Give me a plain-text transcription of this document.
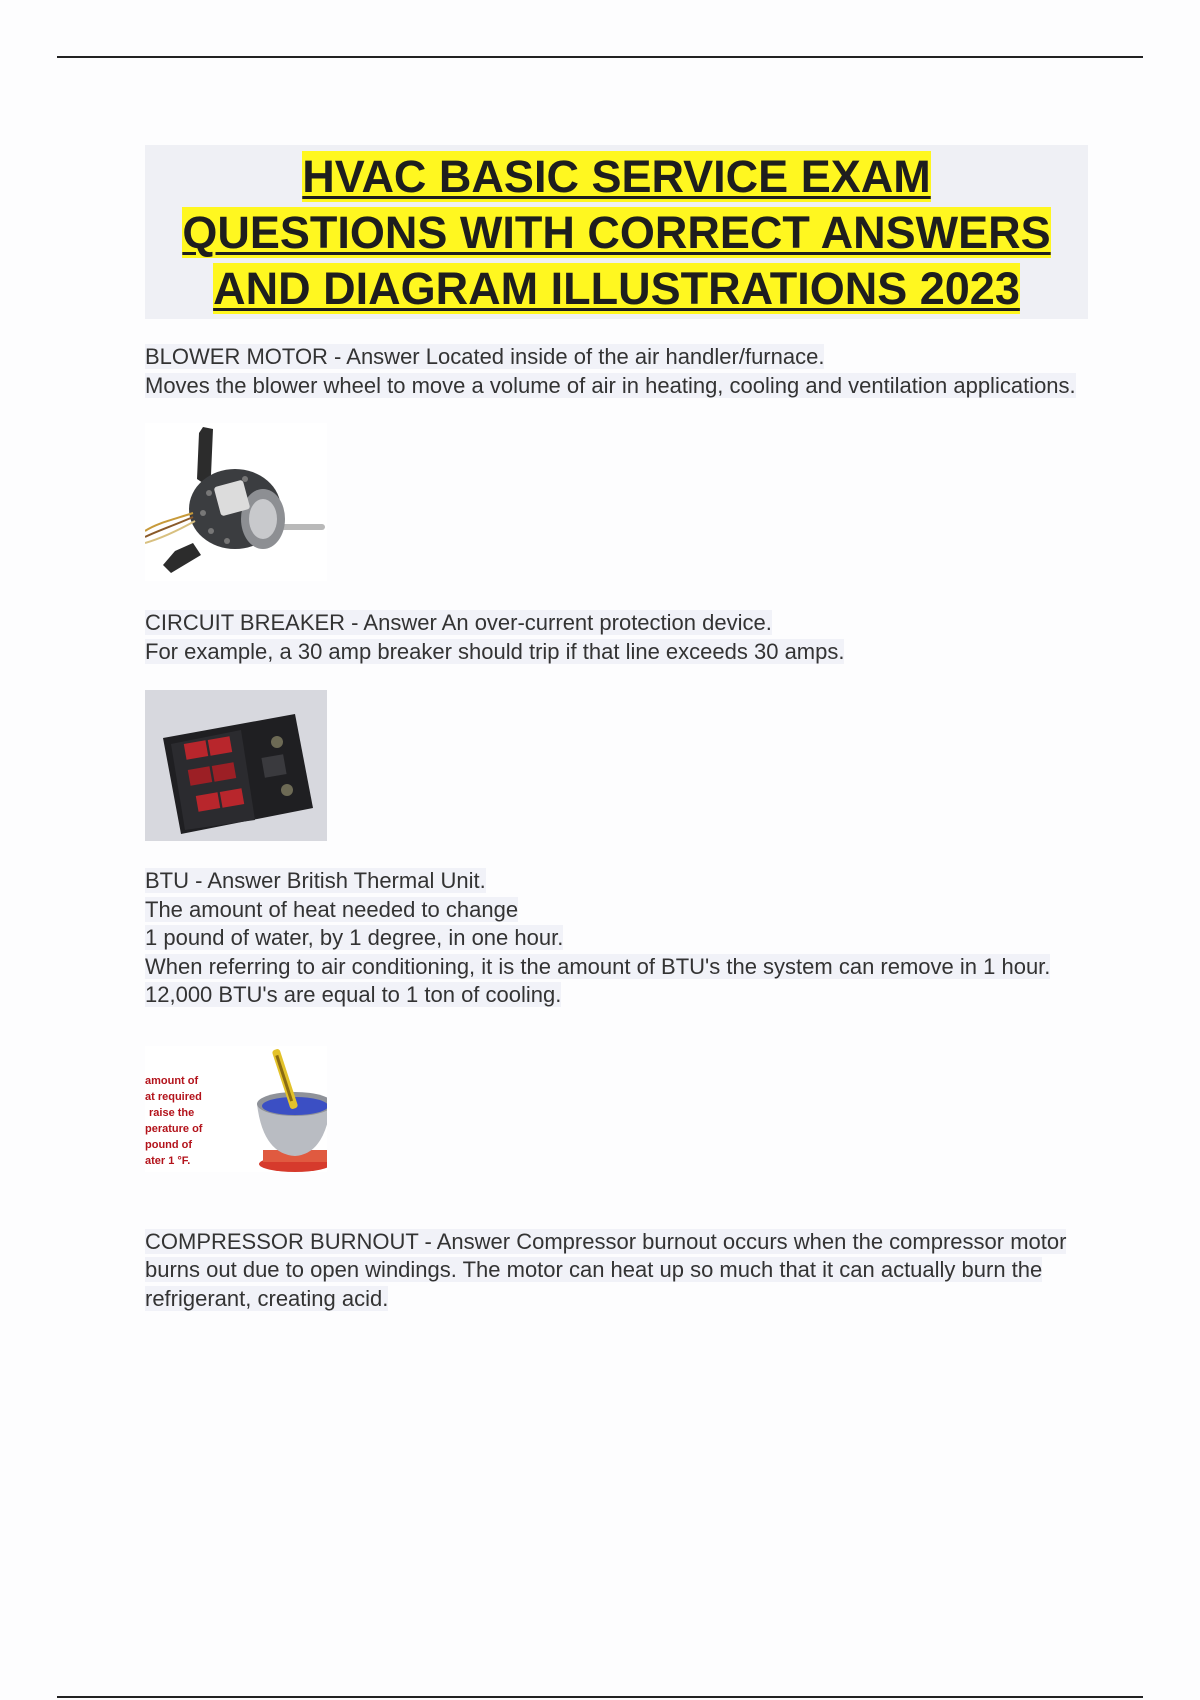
HVAC BASIC SERVICE EXAM
QUESTIONS WITH CORRECT ANSWERS
AND DIAGRAM ILLUSTRATIONS 2023

BLOWER MOTOR - Answer Located inside of the air handler/furnace.

Moves the blower wheel to move a volume of air in heating, cooling and ventilation applications.

CIRCUIT BREAKER - Answer An over-current protection device.

For example, a 30 amp breaker should trip if that line exceeds 30 amps.

BTU - Answer British Thermal Unit.

The amount of heat needed to change

1 pound of water, by 1 degree, in one hour.

When referring to air conditioning, it is the amount of BTU's the system can remove in 1 hour. 12,000 BTU's are equal to 1 ton of cooling.

amount of
at required
raise the
perature of
pound of
ater 1 °F.

COMPRESSOR BURNOUT - Answer Compressor burnout occurs when the compressor motor burns out due to open windings. The motor can heat up so much that it can actually burn the refrigerant, creating acid.
